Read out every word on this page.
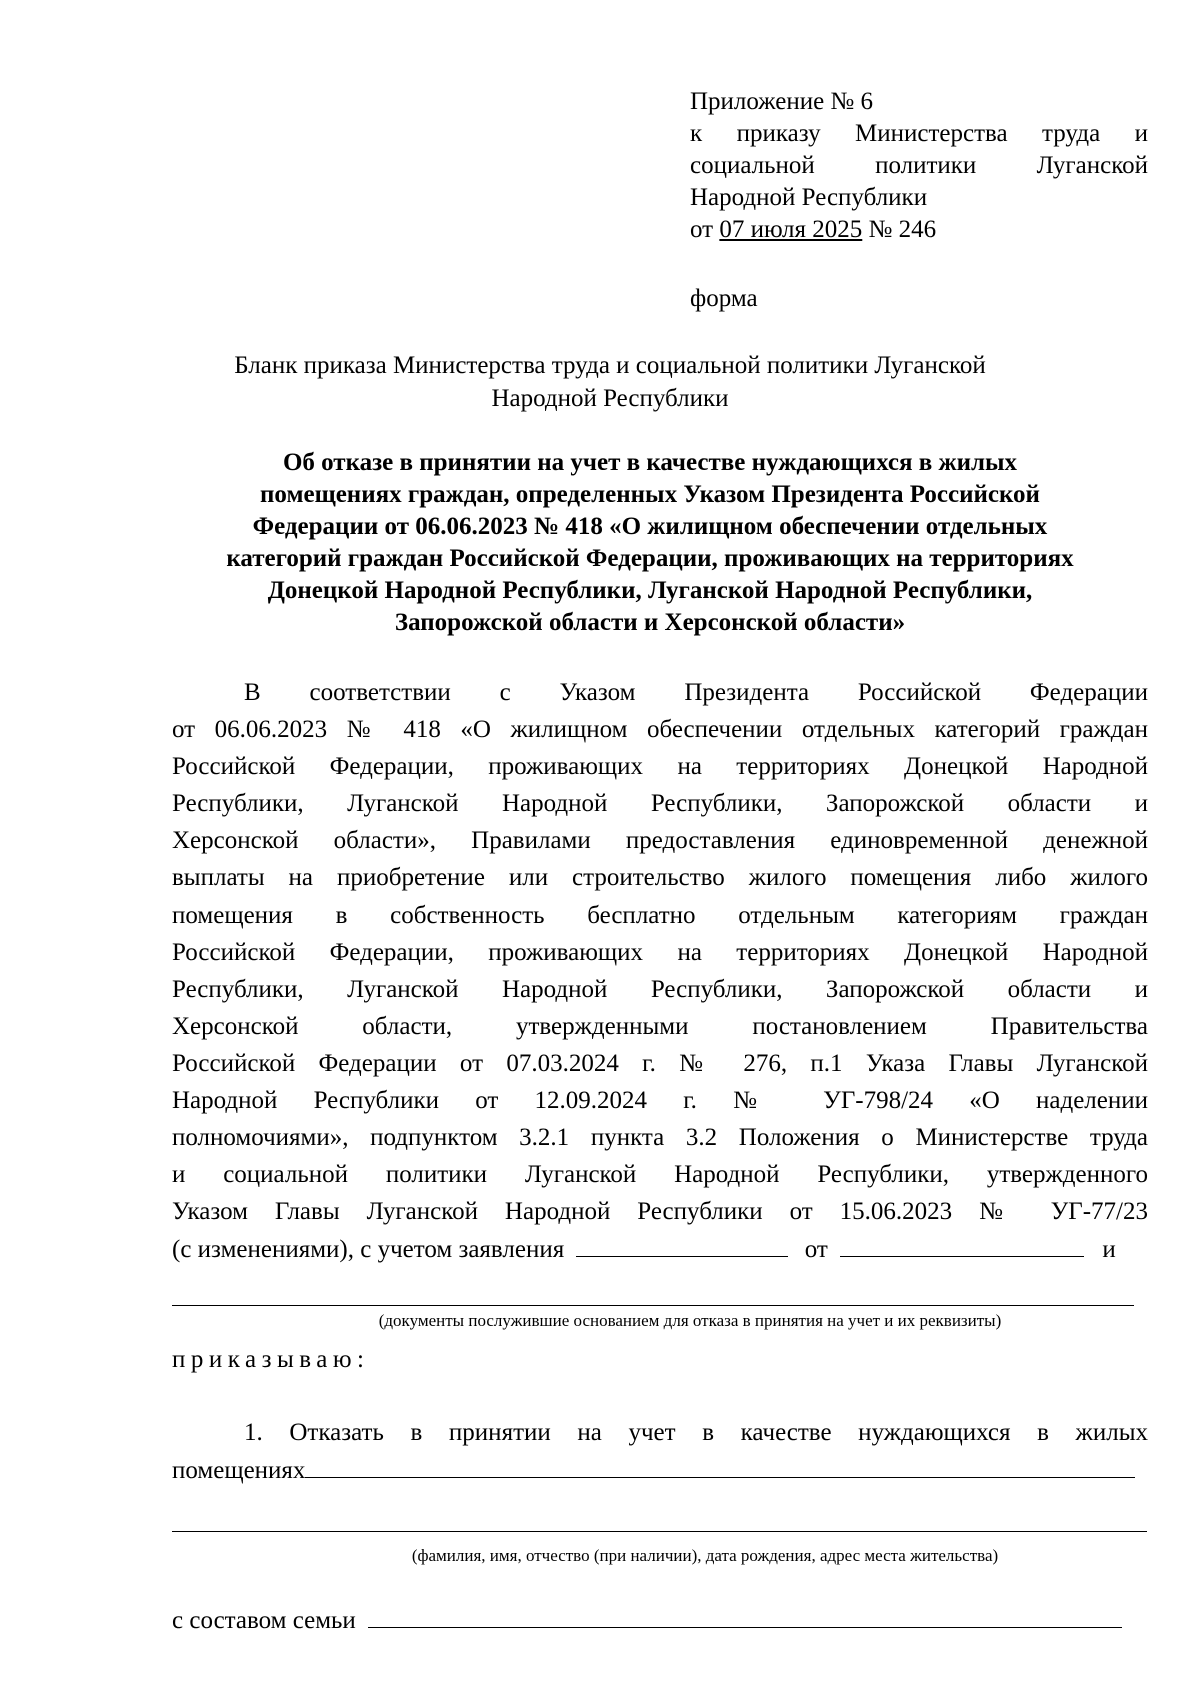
Приложение № 6
к приказу Министерства труда и
социальной политики Луганской
Народной Республики
от 07 июля 2025 № 246
форма
Бланк приказа Министерства труда и социальной политики Луганской
Народной Республики
Об отказе в принятии на учет в качестве нуждающихся в жилых
помещениях граждан, определенных Указом Президента Российской
Федерации от 06.06.2023 № 418 «О жилищном обеспечении отдельных
категорий граждан Российской Федерации, проживающих на территориях
Донецкой Народной Республики, Луганской Народной Республики,
Запорожской области и Херсонской области»
В соответствии с Указом Президента Российской Федерации
от 06.06.2023 № 418 «О жилищном обеспечении отдельных категорий граждан
Российской Федерации, проживающих на территориях Донецкой Народной
Республики, Луганской Народной Республики, Запорожской области и
Херсонской области», Правилами предоставления единовременной денежной
выплаты на приобретение или строительство жилого помещения либо жилого
помещения в собственность бесплатно отдельным категориям граждан
Российской Федерации, проживающих на территориях Донецкой Народной
Республики, Луганской Народной Республики, Запорожской области и
Херсонской области, утвержденными постановлением Правительства
Российской Федерации от 07.03.2024 г. № 276, п.1 Указа Главы Луганской
Народной Республики от 12.09.2024 г. № УГ-798/24 «О наделении
полномочиями», подпунктом 3.2.1 пункта 3.2 Положения о Министерстве труда
и социальной политики Луганской Народной Республики, утвержденного
Указом Главы Луганской Народной Республики от 15.06.2023 № УГ-77/23
(с изменениями), с учетом заявления	от	и
(документы послужившие основанием для отказа в принятия на учет и их реквизиты)
приказываю:
1. Отказать в принятии на учет в качестве нуждающихся в жилых
помещениях
(фамилия, имя, отчество (при наличии), дата рождения, адрес места жительства)
с составом семьи
